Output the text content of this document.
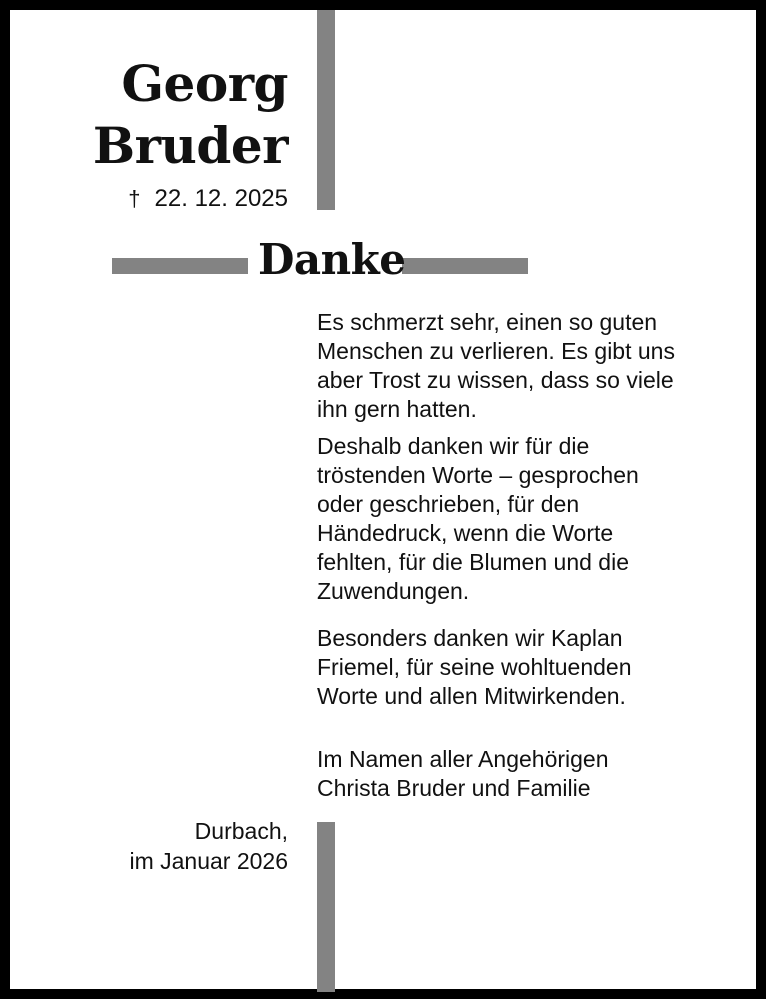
Georg
Bruder
† 22. 12. 2025
Danke

Es schmerzt sehr, einen so guten
Menschen zu verlieren. Es gibt uns
aber Trost zu wissen, dass so viele
ihn gern hatten.

Deshalb danken wir für die
tröstenden Worte – gesprochen
oder geschrieben, für den
Händedruck, wenn die Worte
fehlten, für die Blumen und die
Zuwendungen.

Besonders danken wir Kaplan
Friemel, für seine wohltuenden
Worte und allen Mitwirkenden.

Im Namen aller Angehörigen
Christa Bruder und Familie

Durbach,
im Januar 2026
